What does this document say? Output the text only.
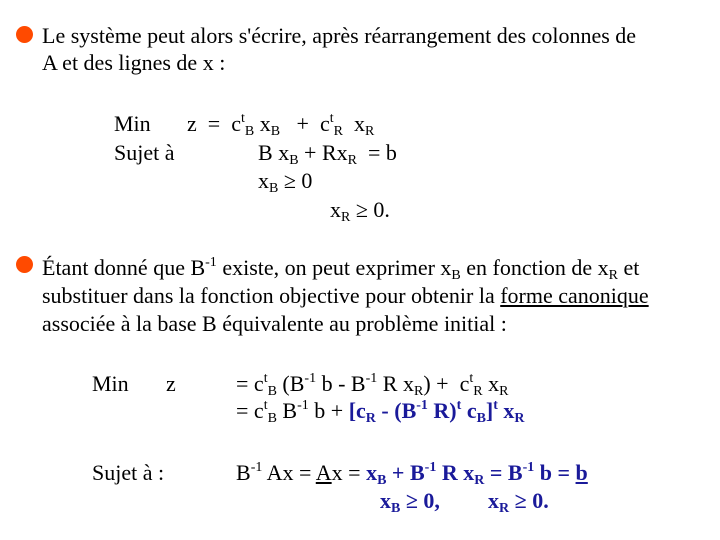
Le système peut alors s'écrire, après réarrangement des colonnes de
A et des lignes de x :
Min $z = c^t_B$ $x_B + c^t_R$ $x_R$
Sujet à	B $x_B + Rx_R = b$
$x_B \ge 0$
$x_R \ge 0$.
Étant donné que $B^{-1}$ existe, on peut exprimer $x_B$ en fonction de $x_R$ et
substituer dans la fonction objective pour obtenir la forme canonique
associée à la base B équivalente au problème initial :
Min z	= $c^t_B$ ($B^{-1}$ b - $B^{-1}$ R $x_R) + c^t_R$ $x_R$
= $c^t_B$ $B^{-1}$ $b + [c_R - (B^{-1}$ R)$^t$ $c_B]^t$ $x_R$
Sujet à :	$B^{-1}$ $Ax = Ax = x_B + B^{-1}$ R $x_R = B^{-1}$ b = b
$x_B \ge 0$, $x_R \ge 0$.
